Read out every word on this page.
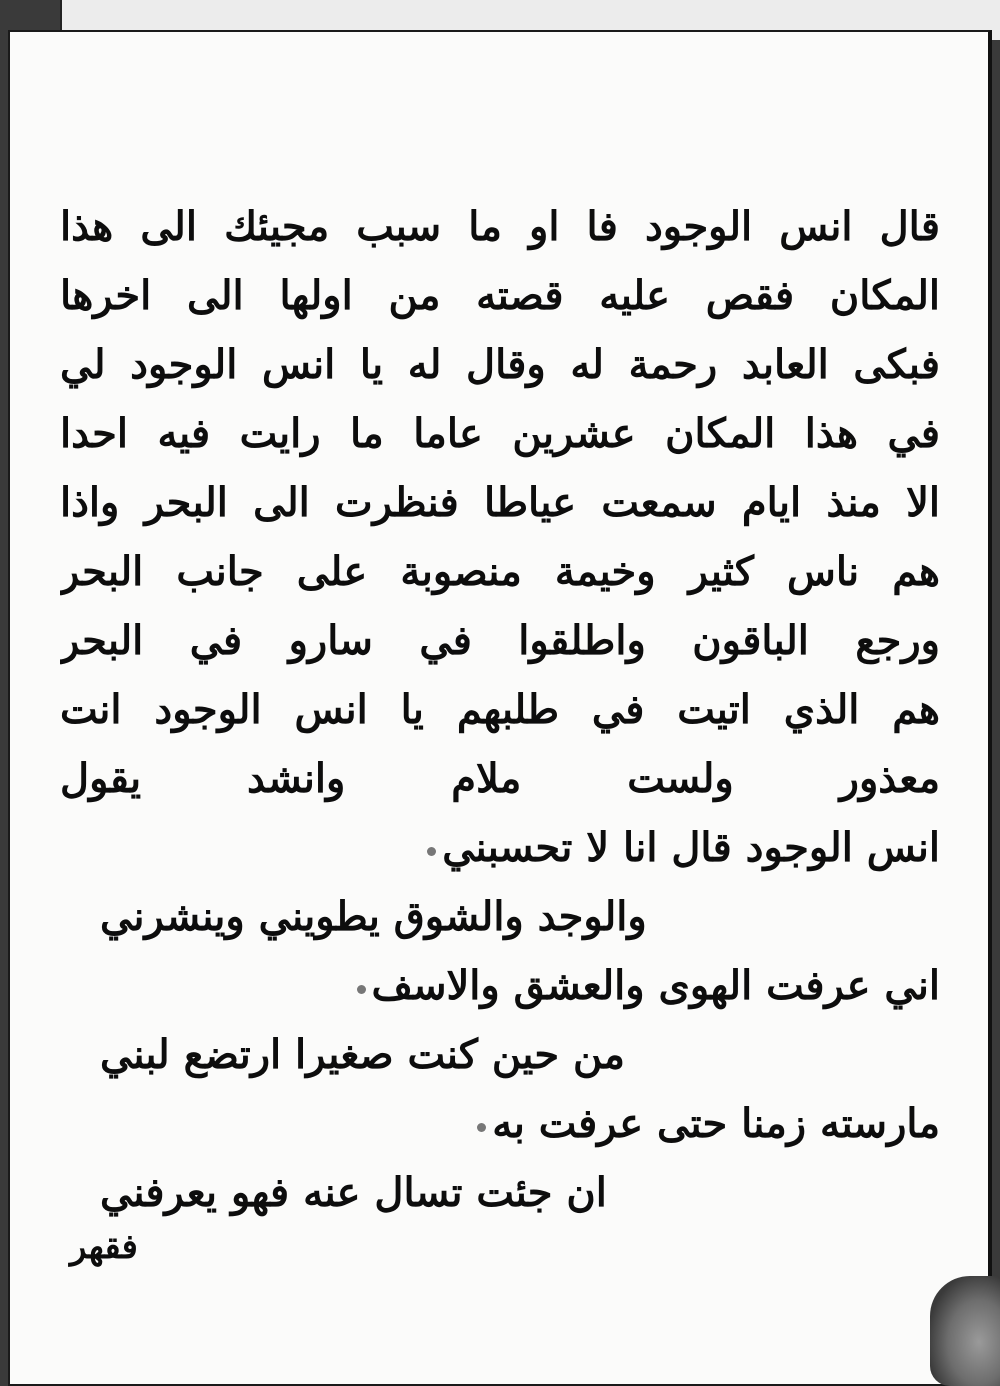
قال انس الوجود فا او ما سبب مجيئك الى هذا
المكان فقص عليه قصته من اولها الى اخرها
فبكى العابد رحمة له وقال له يا انس الوجود لي
في هذا المكان عشرين عاما ما رايت فيه احدا
الا منذ ايام سمعت عياطا فنظرت الى البحر واذا
هم ناس كثير وخيمة منصوبة على جانب البحر
ورجع الباقون واطلقوا في سارو في البحر
هم الذي اتيت في طلبهم يا انس الوجود انت
معذور ولست ملام وانشد يقول
انس الوجود قال انا لا تحسبني
والوجد والشوق يطويني وينشرني
اني عرفت الهوى والعشق والاسف
من حين كنت صغيرا ارتضع لبني
مارسته زمنا حتى عرفت به
ان جئت تسال عنه فهو يعرفني
فقهر
